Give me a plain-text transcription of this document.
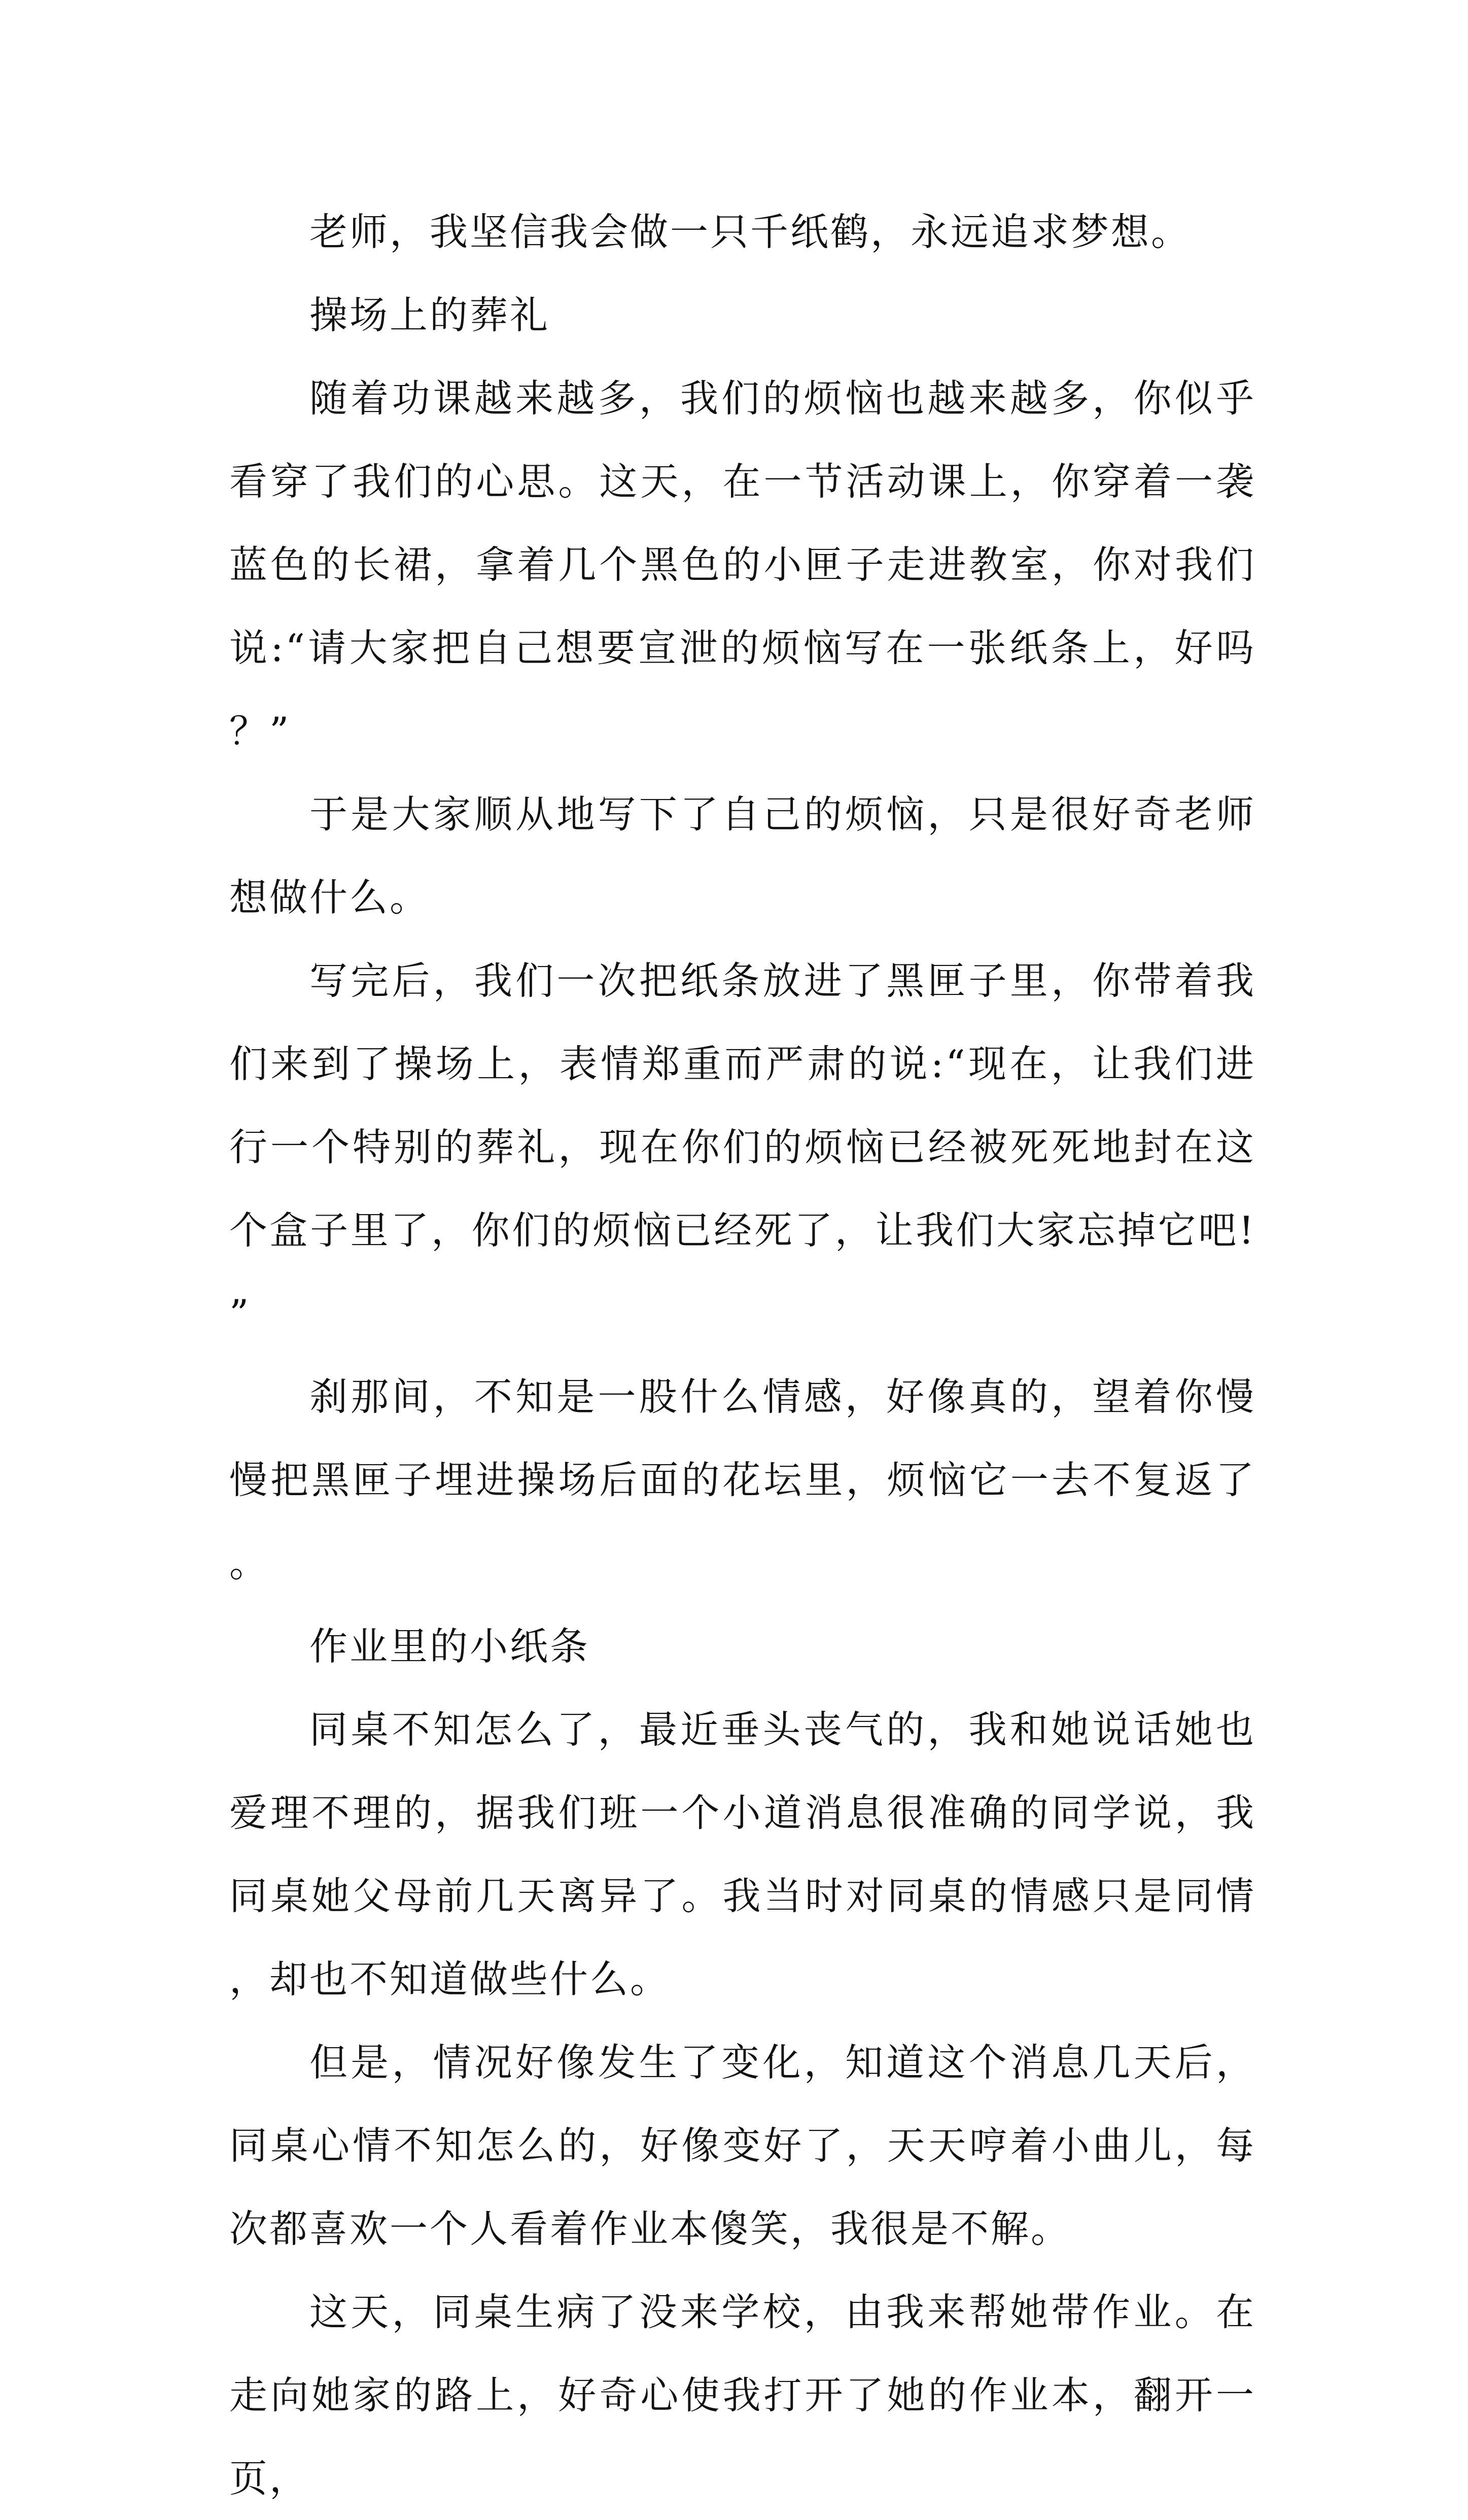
老师，我坚信我会做一只千纸鹤，永远追求梦想。

操场上的葬礼

随着功课越来越多，我们的烦恼也越来越多，你似乎看穿了我们的心思。这天，在一节活动课上，你穿着一袭蓝色的长裙，拿着几个黑色的小匣子走进教室，你对我们说:“请大家把自己想要宣泄的烦恼写在一张纸条上，好吗？”

于是大家顺从地写下了自己的烦恼，只是很好奇老师想做什么。

写完后，我们一次把纸条放进了黑匣子里，你带着我们来到了操场上，表情郑重而严肃的说:“现在，让我们进行一个特别的葬礼，现在你们的烦恼已经被死死地封在这个盒子里了，你们的烦恼已经死了，让我们大家忘掉它吧!”

刹那间，不知是一股什么情感，好像真的，望着你慢慢把黑匣子埋进操场后面的花坛里，烦恼它一去不复返了。

作业里的小纸条

同桌不知怎么了，最近垂头丧气的，我和她说话她也爱理不理的，据我们班一个小道消息很准确的同学说，我同桌她父母前几天离异了。我当时对同桌的情感只是同情，却也不知道做些什么。

但是，情况好像发生了变化，知道这个消息几天后，同桌心情不知怎么的，好像变好了，天天哼着小曲儿，每次都喜欢一个人看着作业本傻笑，我很是不解。

这天，同桌生病了没来学校，由我来帮她带作业。在走向她家的路上，好奇心使我打开了她的作业本，翻开一页，
